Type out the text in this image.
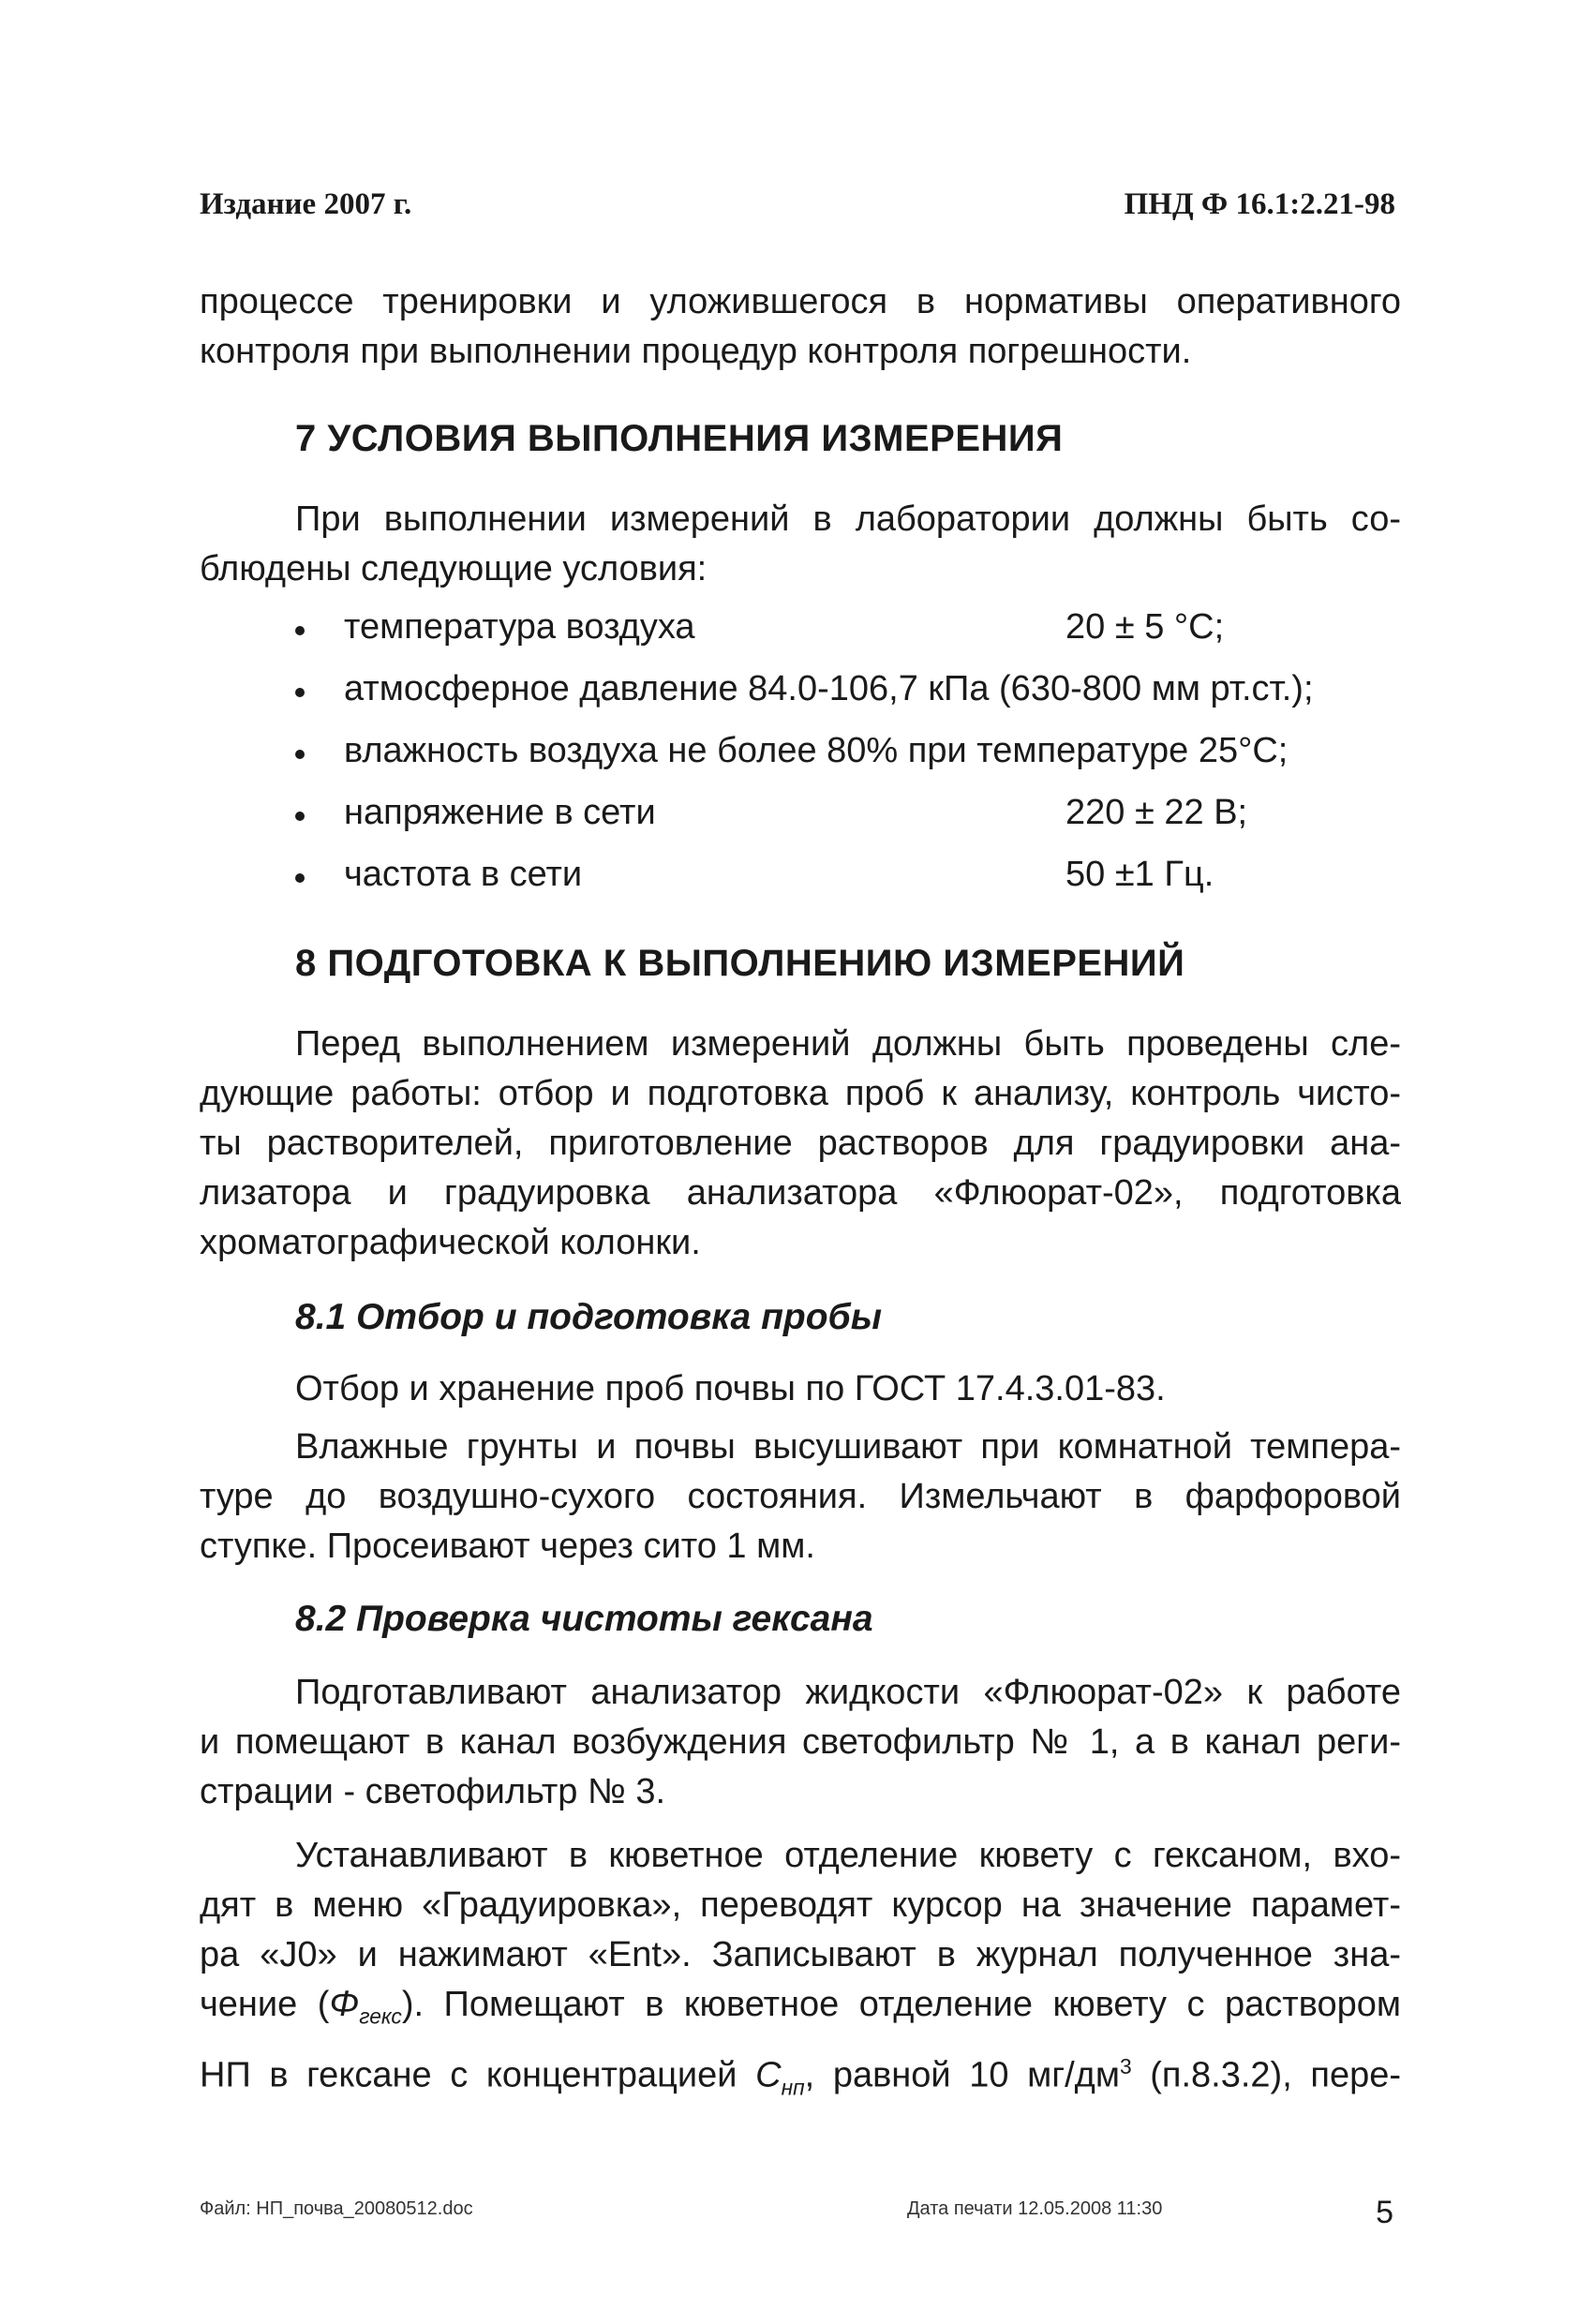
Издание 2007 г.	ПНД Ф 16.1:2.21-98
процессе тренировки и уложившегося в нормативы оперативного
контроля при выполнении процедур контроля погрешности.
7 УСЛОВИЯ ВЫПОЛНЕНИЯ ИЗМЕРЕНИЯ
При выполнении измерений в лаборатории должны быть со-
блюдены следующие условия:
температура воздуха	20 ± 5 °С;
атмосферное давление 84.0-106,7 кПа (630-800 мм рт.ст.);
влажность воздуха не более 80% при температуре 25°С;
напряжение в сети	220 ± 22 В;
частота в сети	50 ±1 Гц.
8 ПОДГОТОВКА К ВЫПОЛНЕНИЮ ИЗМЕРЕНИЙ
Перед выполнением измерений должны быть проведены сле-
дующие работы: отбор и подготовка проб к анализу, контроль чисто-
ты растворителей, приготовление растворов для градуировки ана-
лизатора и градуировка анализатора «Флюорат-02», подготовка
хроматографической колонки.
8.1 Отбор и подготовка пробы
Отбор и хранение проб почвы по ГОСТ 17.4.3.01-83.
Влажные грунты и почвы высушивают при комнатной темпера-
туре до воздушно-сухого состояния. Измельчают в фарфоровой
ступке. Просеивают через сито 1 мм.
8.2 Проверка чистоты гексана
Подготавливают анализатор жидкости «Флюорат-02» к работе
и помещают в канал возбуждения светофильтр № 1, а в канал реги-
страции - светофильтр № 3.
Устанавливают в кюветное отделение кювету с гексаном, вхо-
дят в меню «Градуировка», переводят курсор на значение парамет-
ра «J0» и нажимают «Ent». Записывают в журнал полученное зна-
чение $(\Phi_{гекс})$. Помещают в кюветное отделение кювету с раствором
НП в гексане с концентрацией $С_{нп}$, равной 10 $мг/дм^3$ (п.8.3.2), пере-
Файл: НП_почва_20080512.doc	Дата печати 12.05.2008 11:30	5
